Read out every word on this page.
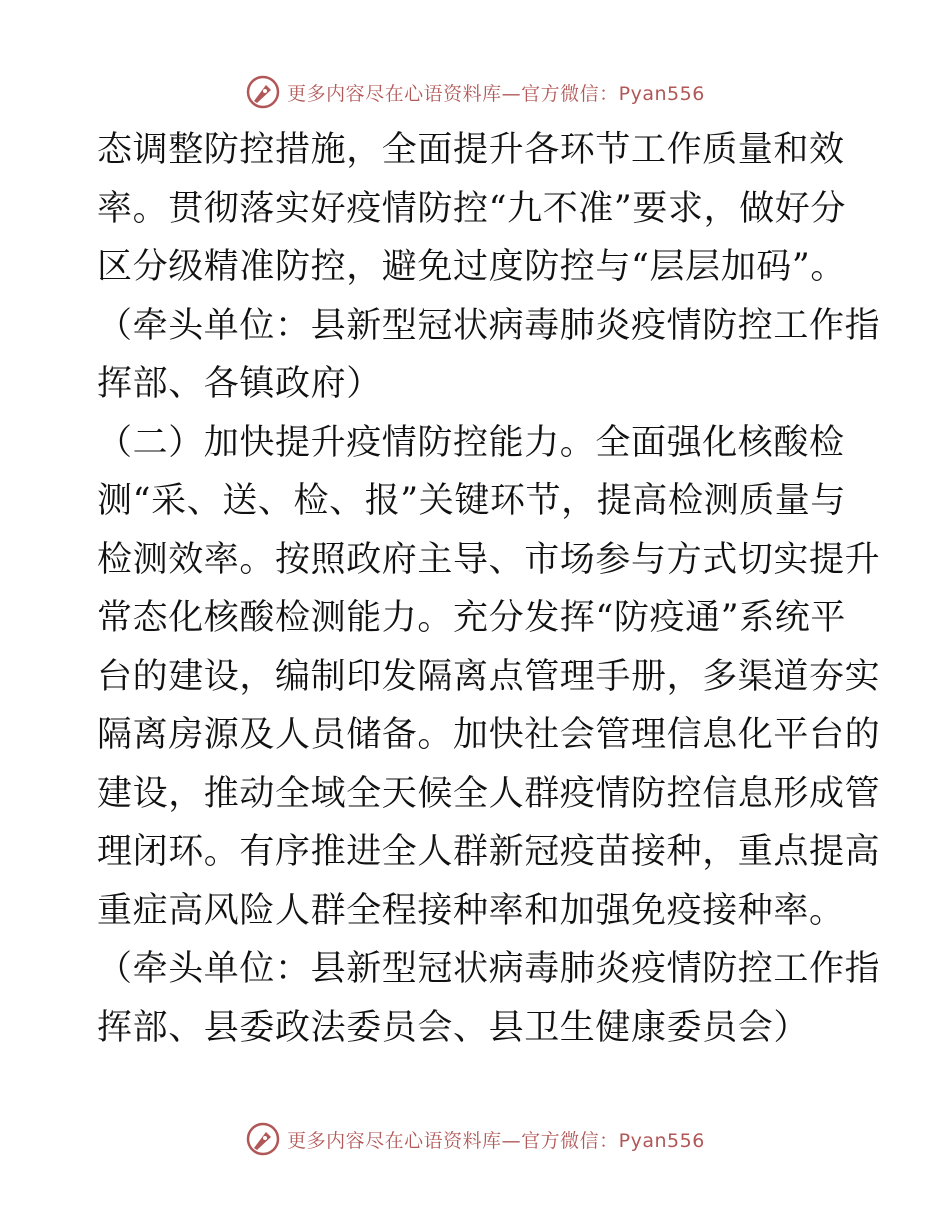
更多内容尽在心语资料库—官方微信：Pyan556
态调整防控措施，全面提升各环节工作质量和效
率。贯彻落实好疫情防控“九不准”要求，做好分
区分级精准防控，避免过度防控与“层层加码”。
（牵头单位：县新型冠状病毒肺炎疫情防控工作指
挥部、各镇政府）
（二）加快提升疫情防控能力。全面强化核酸检
测“采、送、检、报”关键环节，提高检测质量与
检测效率。按照政府主导、市场参与方式切实提升
常态化核酸检测能力。充分发挥“防疫通”系统平
台的建设，编制印发隔离点管理手册，多渠道夯实
隔离房源及人员储备。加快社会管理信息化平台的
建设，推动全域全天候全人群疫情防控信息形成管
理闭环。有序推进全人群新冠疫苗接种，重点提高
重症高风险人群全程接种率和加强免疫接种率。
（牵头单位：县新型冠状病毒肺炎疫情防控工作指
挥部、县委政法委员会、县卫生健康委员会）
更多内容尽在心语资料库—官方微信：Pyan556
